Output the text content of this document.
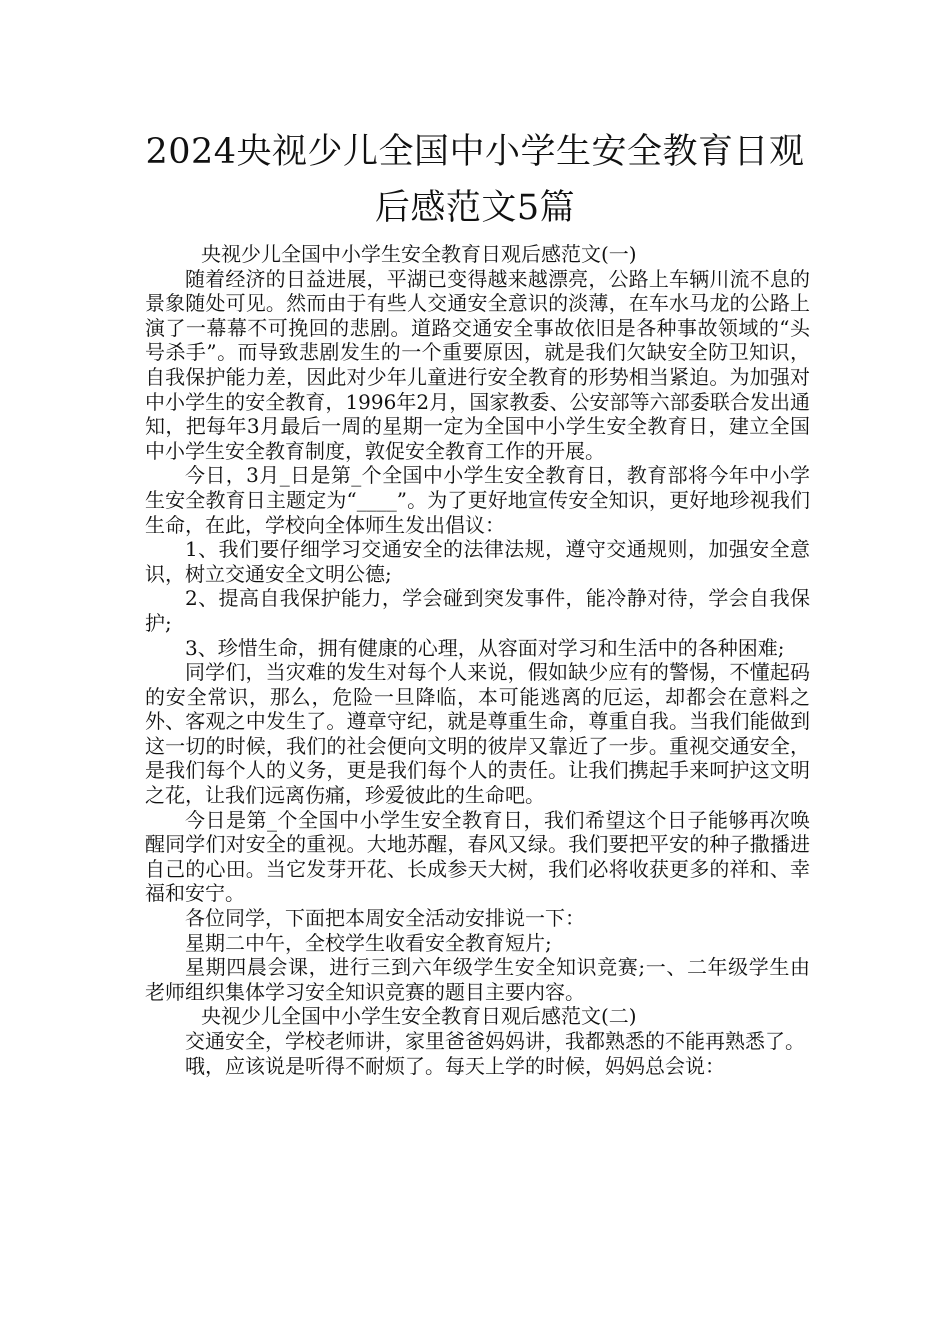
2024央视少儿全国中小学生安全教育日观
后感范文5篇

央视少儿全国中小学生安全教育日观后感范文(一)

随着经济的日益进展，平湖已变得越来越漂亮，公路上车辆川流不息的景象随处可见。然而由于有些人交通安全意识的淡薄，在车水马龙的公路上演了一幕幕不可挽回的悲剧。道路交通安全事故依旧是各种事故领域的“头号杀手”。而导致悲剧发生的一个重要原因，就是我们欠缺安全防卫知识，自我保护能力差，因此对少年儿童进行安全教育的形势相当紧迫。为加强对中小学生的安全教育，1996年2月，国家教委、公安部等六部委联合发出通知，把每年3月最后一周的星期一定为全国中小学生安全教育日，建立全国中小学生安全教育制度，敦促安全教育工作的开展。

今日，3月_日是第_个全国中小学生安全教育日，教育部将今年中小学生安全教育日主题定为“____”。为了更好地宣传安全知识，更好地珍视我们生命，在此，学校向全体师生发出倡议：

1、我们要仔细学习交通安全的法律法规，遵守交通规则，加强安全意识，树立交通安全文明公德;

2、提高自我保护能力，学会碰到突发事件，能冷静对待，学会自我保护;

3、珍惜生命，拥有健康的心理，从容面对学习和生活中的各种困难;

同学们，当灾难的发生对每个人来说，假如缺少应有的警惕，不懂起码的安全常识，那么，危险一旦降临，本可能逃离的厄运，却都会在意料之外、客观之中发生了。遵章守纪，就是尊重生命，尊重自我。当我们能做到这一切的时候，我们的社会便向文明的彼岸又靠近了一步。重视交通安全，是我们每个人的义务，更是我们每个人的责任。让我们携起手来呵护这文明之花，让我们远离伤痛，珍爱彼此的生命吧。

今日是第_个全国中小学生安全教育日，我们希望这个日子能够再次唤醒同学们对安全的重视。大地苏醒，春风又绿。我们要把平安的种子撒播进自己的心田。当它发芽开花、长成参天大树，我们必将收获更多的祥和、幸福和安宁。

各位同学，下面把本周安全活动安排说一下：

星期二中午，全校学生收看安全教育短片;

星期四晨会课，进行三到六年级学生安全知识竞赛;一、二年级学生由老师组织集体学习安全知识竞赛的题目主要内容。

央视少儿全国中小学生安全教育日观后感范文(二)

交通安全，学校老师讲，家里爸爸妈妈讲，我都熟悉的不能再熟悉了。

哦，应该说是听得不耐烦了。每天上学的时候，妈妈总会说：
